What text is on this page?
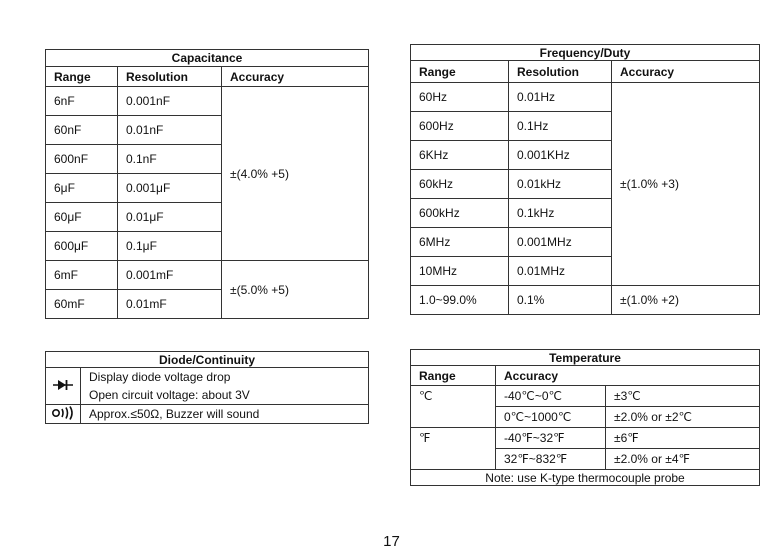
Capacitance		
Range	Resolution	Accuracy
6nF	0.001nF	±(4.0% +5)
60nF	0.01nF	
600nF	0.1nF	
6μF	0.001μF	
60μF	0.01μF	
600μF	0.1μF	
6mF	0.001mF	±(5.0% +5)
60mF	0.01mF	
Frequency/Duty		
Range	Resolution	Accuracy
60Hz	0.01Hz	±(1.0% +3)
600Hz	0.1Hz	
6KHz	0.001KHz	
60kHz	0.01kHz	
600kHz	0.1kHz	
6MHz	0.001MHz	
10MHz	0.01MHz	
1.0~99.0%	0.1%	±(1.0% +2)
Diode/Continuity	
	Display diode voltage drop
	Open circuit voltage: about 3V
	Approx.≤50Ω, Buzzer will sound
Temperature		
Range	Accuracy	
℃	-40℃~0℃	±3℃
	0℃~1000℃	±2.0% or ±2℃
℉	-40℉~32℉	±6℉
	32℉~832℉	±2.0% or ±4℉
Note: use K-type thermocouple probe		
17
